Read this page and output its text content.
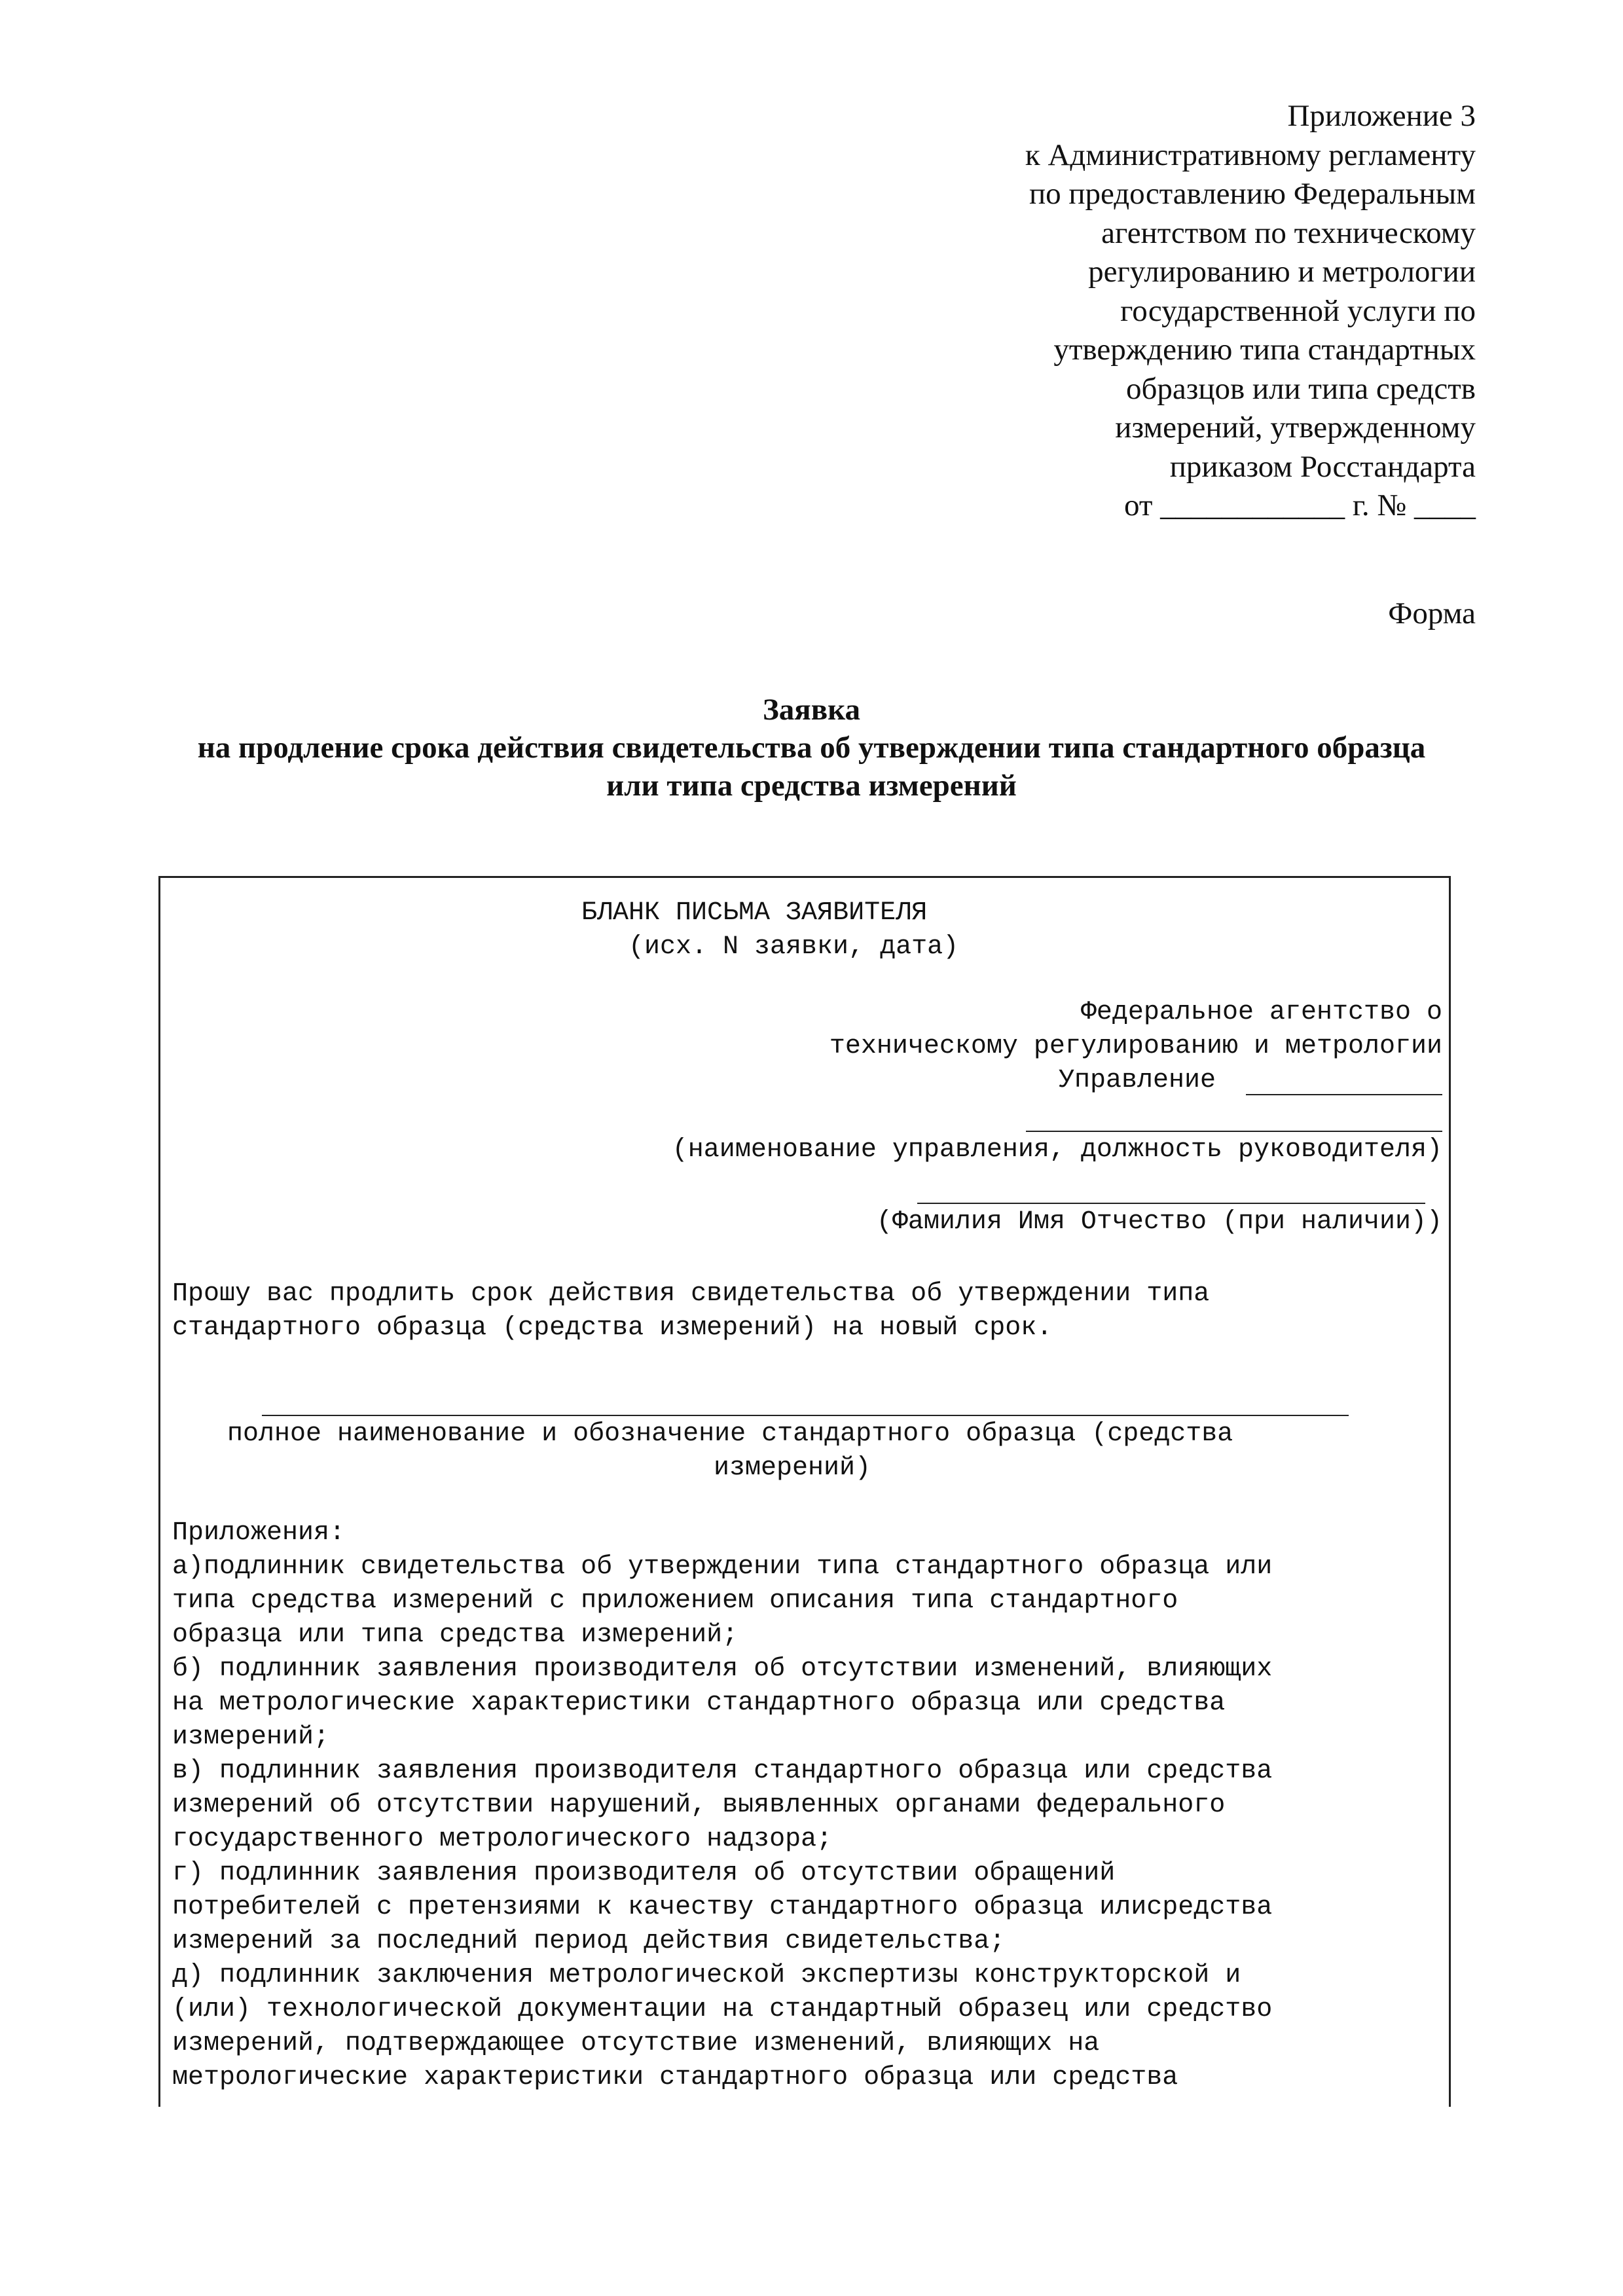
Приложение 3
к Административному регламенту
по предоставлению Федеральным
агентством по техническому
регулированию и метрологии
государственной услуги по
утверждению типа стандартных
образцов или типа средств
измерений, утвержденному
приказом Росстандарта
от ____________ г. № ____
Форма
Заявка
на продление срока действия свидетельства об утверждении типа стандартного образца
или типа средства измерений
БЛАНК ПИСЬМА ЗАЯВИТЕЛЯ
(исх. N заявки, дата)
Федеральное агентство о
техническому регулированию и метрологии
Управление
(наименование управления, должность руководителя)
(Фамилия Имя Отчество (при наличии))
Прошу вас продлить срок действия свидетельства об утверждении типа
стандартного образца (средства измерений) на новый срок.
полное наименование и обозначение стандартного образца (средства
измерений)
Приложения:
а)подлинник свидетельства об утверждении типа стандартного образца или
типа средства измерений с приложением описания типа стандартного
образца или типа средства измерений;
б) подлинник заявления производителя об отсутствии изменений, влияющих
на метрологические характеристики стандартного образца или средства
измерений;
в) подлинник заявления производителя стандартного образца или средства
измерений об отсутствии нарушений, выявленных органами федерального
государственного метрологического надзора;
г) подлинник заявления производителя об отсутствии обращений
потребителей с претензиями к качеству стандартного образца илисредства
измерений за последний период действия свидетельства;
д) подлинник заключения метрологической экспертизы конструкторской и
(или) технологической документации на стандартный образец или средство
измерений, подтверждающее отсутствие изменений, влияющих на
метрологические характеристики стандартного образца или средства
